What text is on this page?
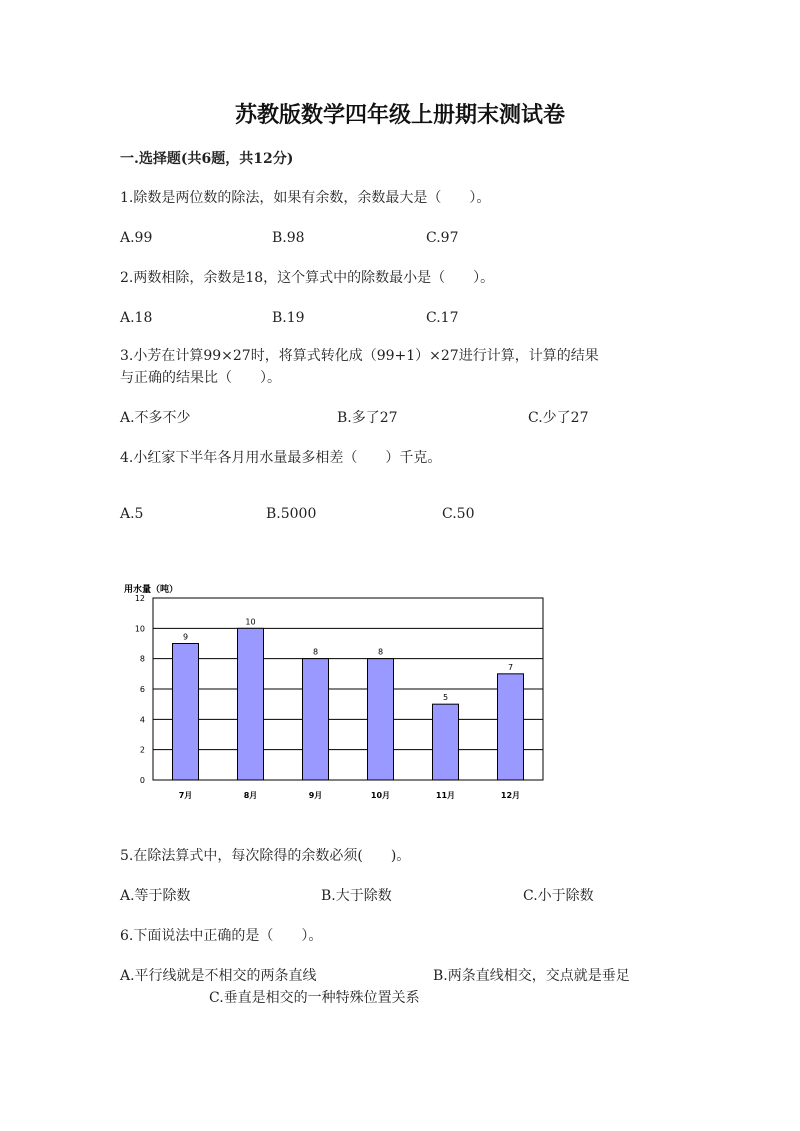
苏教版数学四年级上册期末测试卷
一.选择题(共6题，共12分)
1.除数是两位数的除法，如果有余数，余数最大是（　　）。
A.99	B.98	C.97
2.两数相除，余数是18，这个算式中的除数最小是（　　）。
A.18	B.19	C.17
3.小芳在计算99×27时，将算式转化成（99+1）×27进行计算，计算的结果
与正确的结果比（　　）。
A.不多不少	B.多了27	C.少了27
4.小红家下半年各月用水量最多相差（　　）千克。
A.5	B.5000	C.50
用水量（吨）
0
2
4
6
8
10
12
9
7月
10
8月
8
9月
8
10月
5
11月
7
12月
5.在除法算式中，每次除得的余数必须(　　)。
A.等于除数	B.大于除数	C.小于除数
6.下面说法中正确的是（　　）。
A.平行线就是不相交的两条直线	B.两条直线相交，交点就是垂足
C.垂直是相交的一种特殊位置关系
